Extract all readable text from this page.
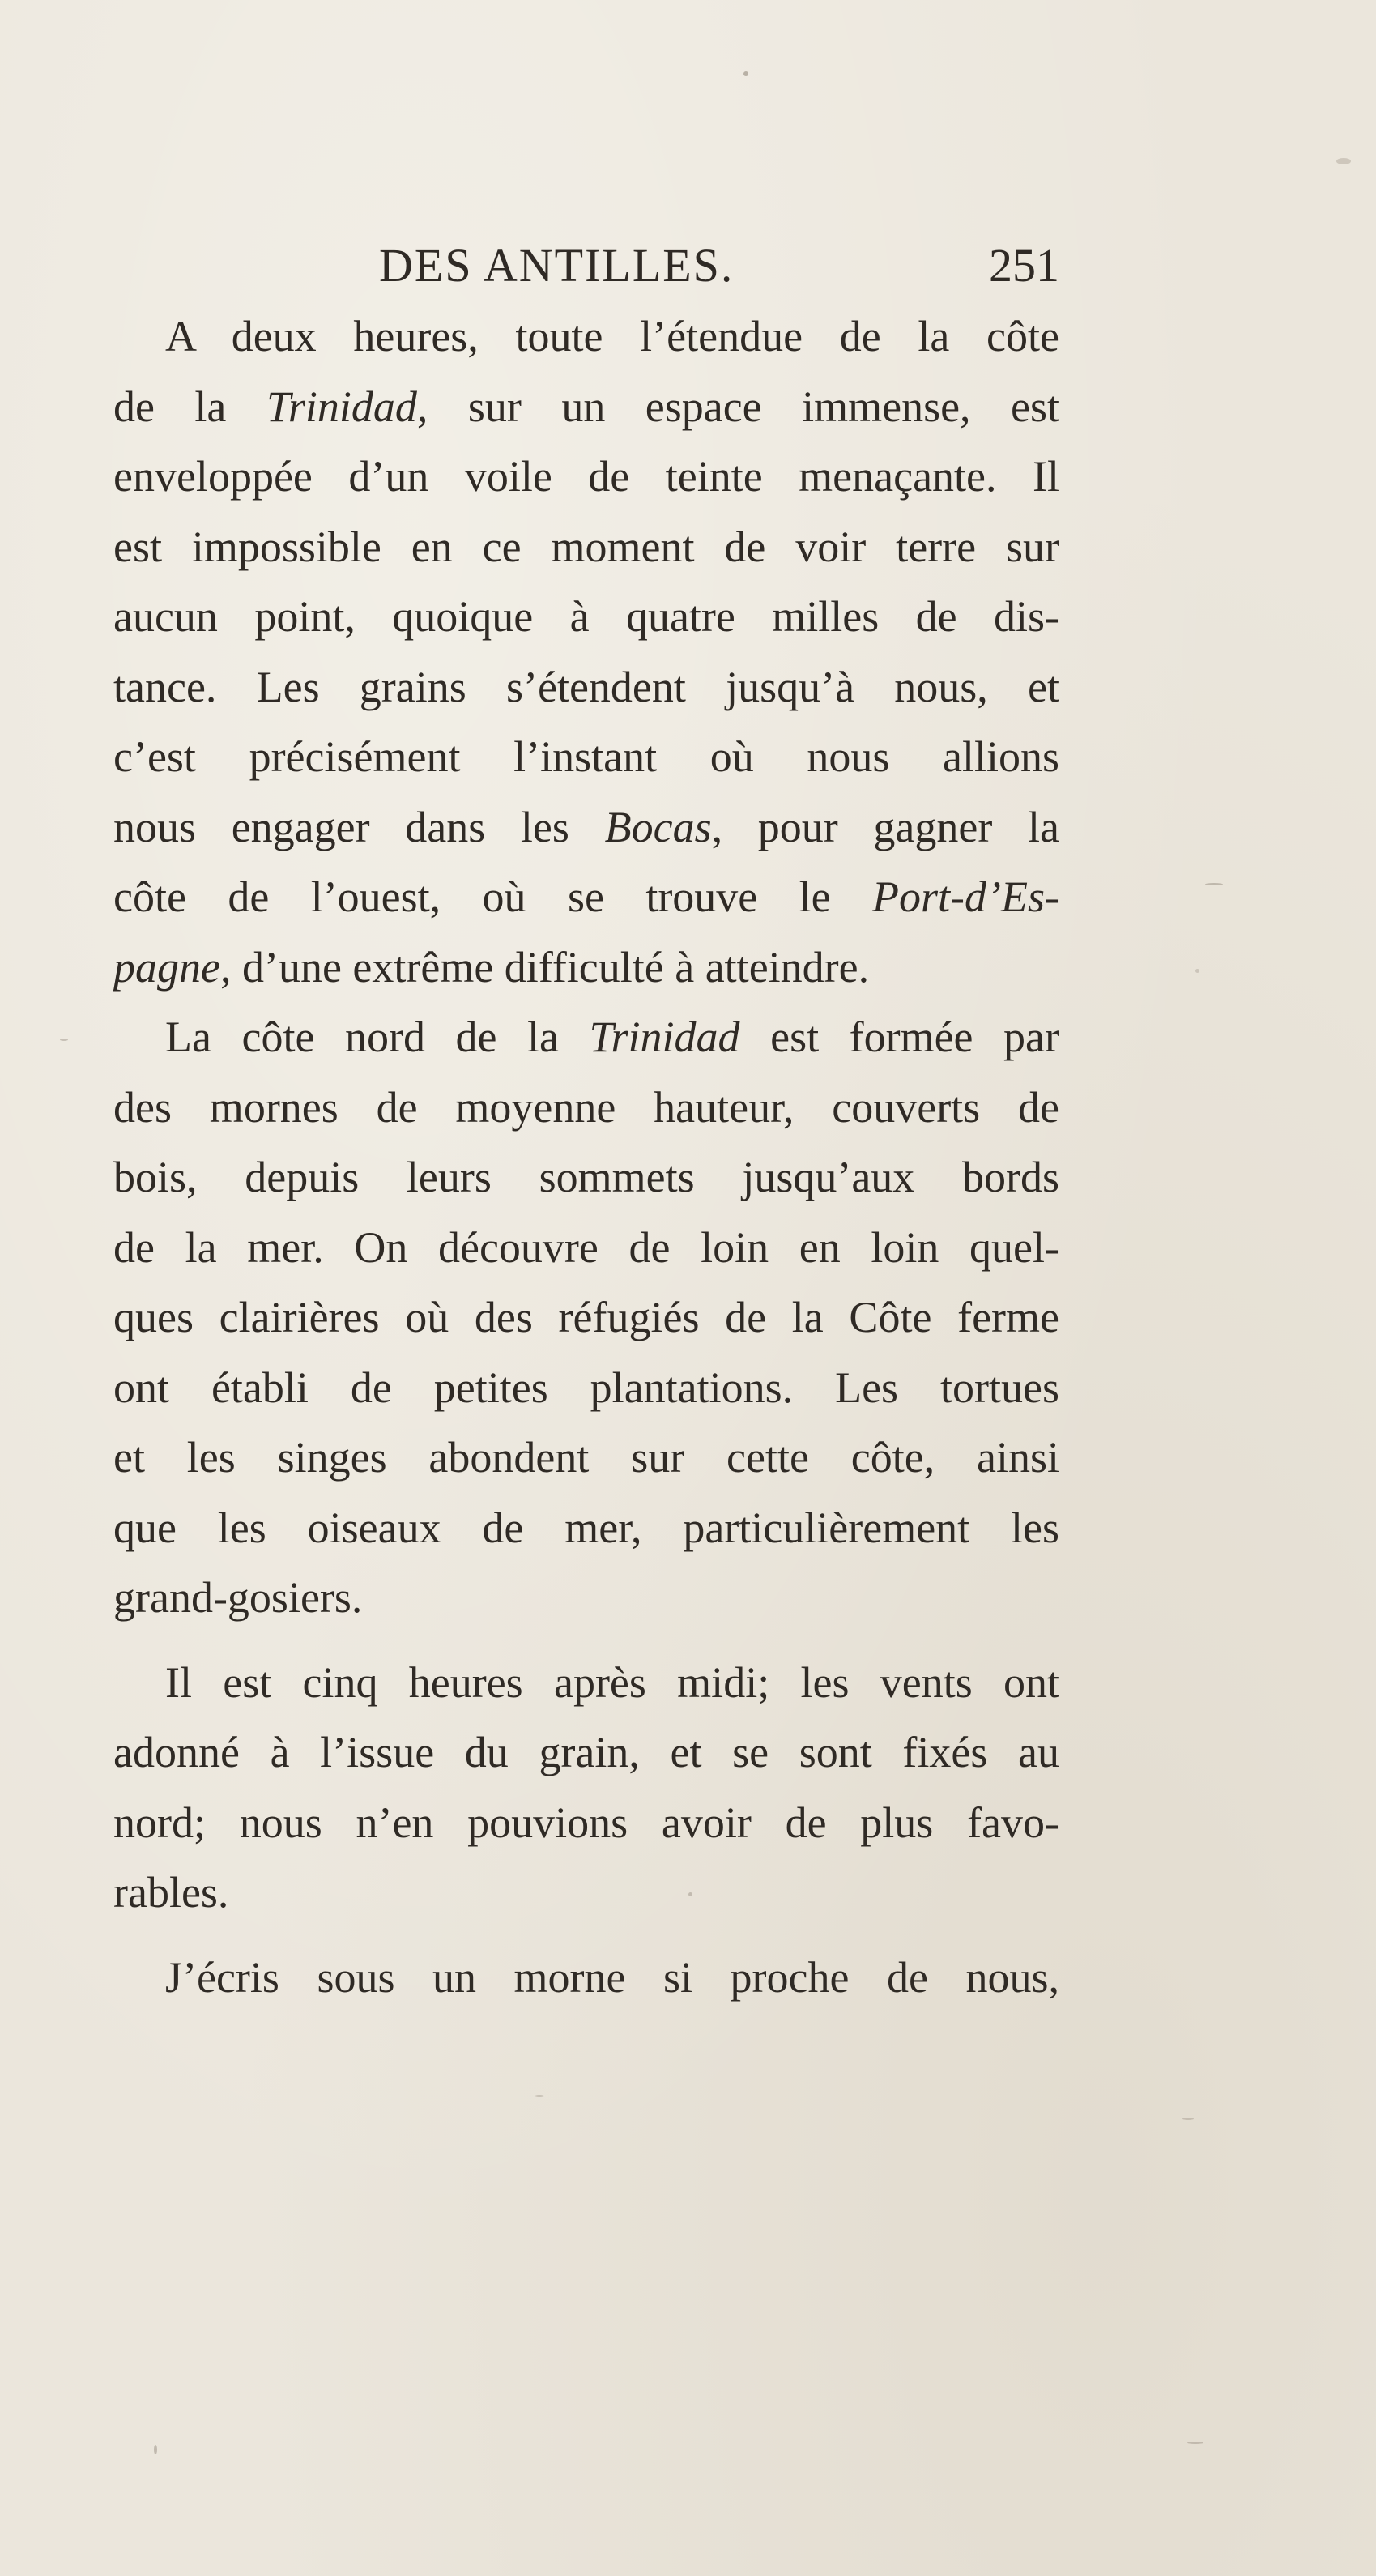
DES ANTILLES.	251
A deux heures, toute l’étendue de la côte
de la Trinidad, sur un espace immense, est
enveloppée d’un voile de teinte menaçante. Il
est impossible en ce moment de voir terre sur
aucun point, quoique à quatre milles de dis-
tance. Les grains s’étendent jusqu’à nous, et
c’est précisément l’instant où nous allions
nous engager dans les Bocas, pour gagner la
côte de l’ouest, où se trouve le Port-d’Es-
pagne, d’une extrême difficulté à atteindre.
La côte nord de la Trinidad est formée par
des mornes de moyenne hauteur, couverts de
bois, depuis leurs sommets jusqu’aux bords
de la mer. On découvre de loin en loin quel-
ques clairières où des réfugiés de la Côte ferme
ont établi de petites plantations. Les tortues
et les singes abondent sur cette côte, ainsi
que les oiseaux de mer, particulièrement les
grand-gosiers.
Il est cinq heures après midi; les vents ont
adonné à l’issue du grain, et se sont fixés au
nord; nous n’en pouvions avoir de plus favo-
rables.
J’écris sous un morne si proche de nous,
